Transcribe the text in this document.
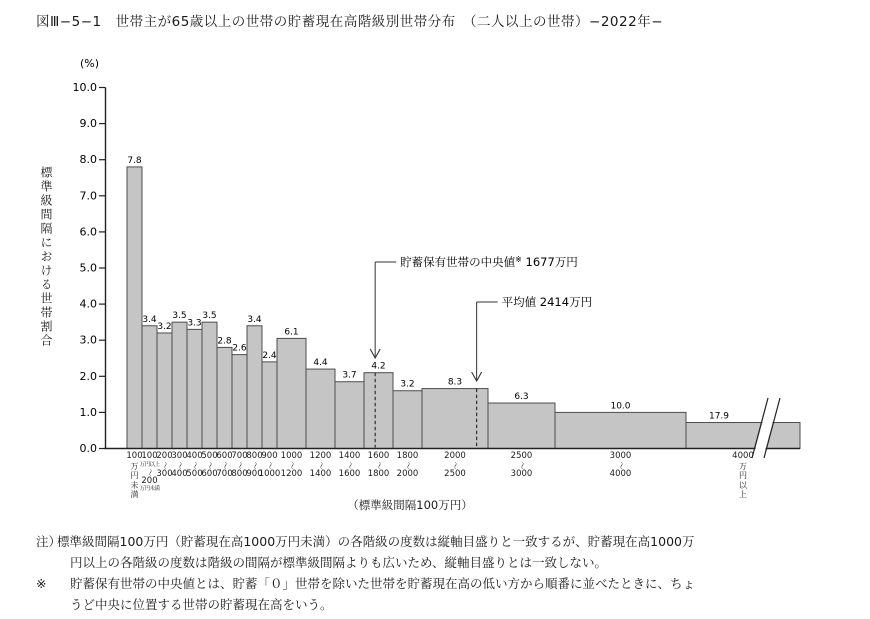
図Ⅲ−5−1　世帯主が65歳以上の世帯の貯蓄現在高階級別世帯分布　（二人以上の世帯）−2022年−
0.0
1.0
2.0
3.0
4.0
5.0
6.0
7.0
8.0
9.0
10.0
(%)
7.8
3.4
3.2
3.5
3.3
3.5
2.8
2.6
3.4
2.4
6.1
4.4
3.7
4.2
3.2	8.3
6.3
10.0
17.9
貯蓄保有世帯の中央値※ 1677万円
平均値 2414万円
標準級間隔における世帯割合
100
万
円
未
満
100
万円以上
〜
200
万円未満
200
〜
300
300
〜
400
400
〜
500
500
〜
600
600
〜
700
700
〜
800
800
〜
900
900
〜
1000
1000
〜
1200
1200
〜
1400
1400
〜
1600
1600
〜
1800
1800
〜
2000
2000
〜
2500
2500
〜
3000
3000
〜
4000
4000
万
円
以
上
（標準級間隔100万円）
注）
標準級間隔100万円（貯蓄現在高1000万円未満）の各階級の度数は縦軸目盛りと一致するが、貯蓄現在高1000万
円以上の各階級の度数は階級の間隔が標準級間隔よりも広いため、縦軸目盛りとは一致しない。
※ 貯蓄保有世帯の中央値とは、貯蓄「０」世帯を除いた世帯を貯蓄現在高の低い方から順番に並べたときに、ちょ
うど中央に位置する世帯の貯蓄現在高をいう。
